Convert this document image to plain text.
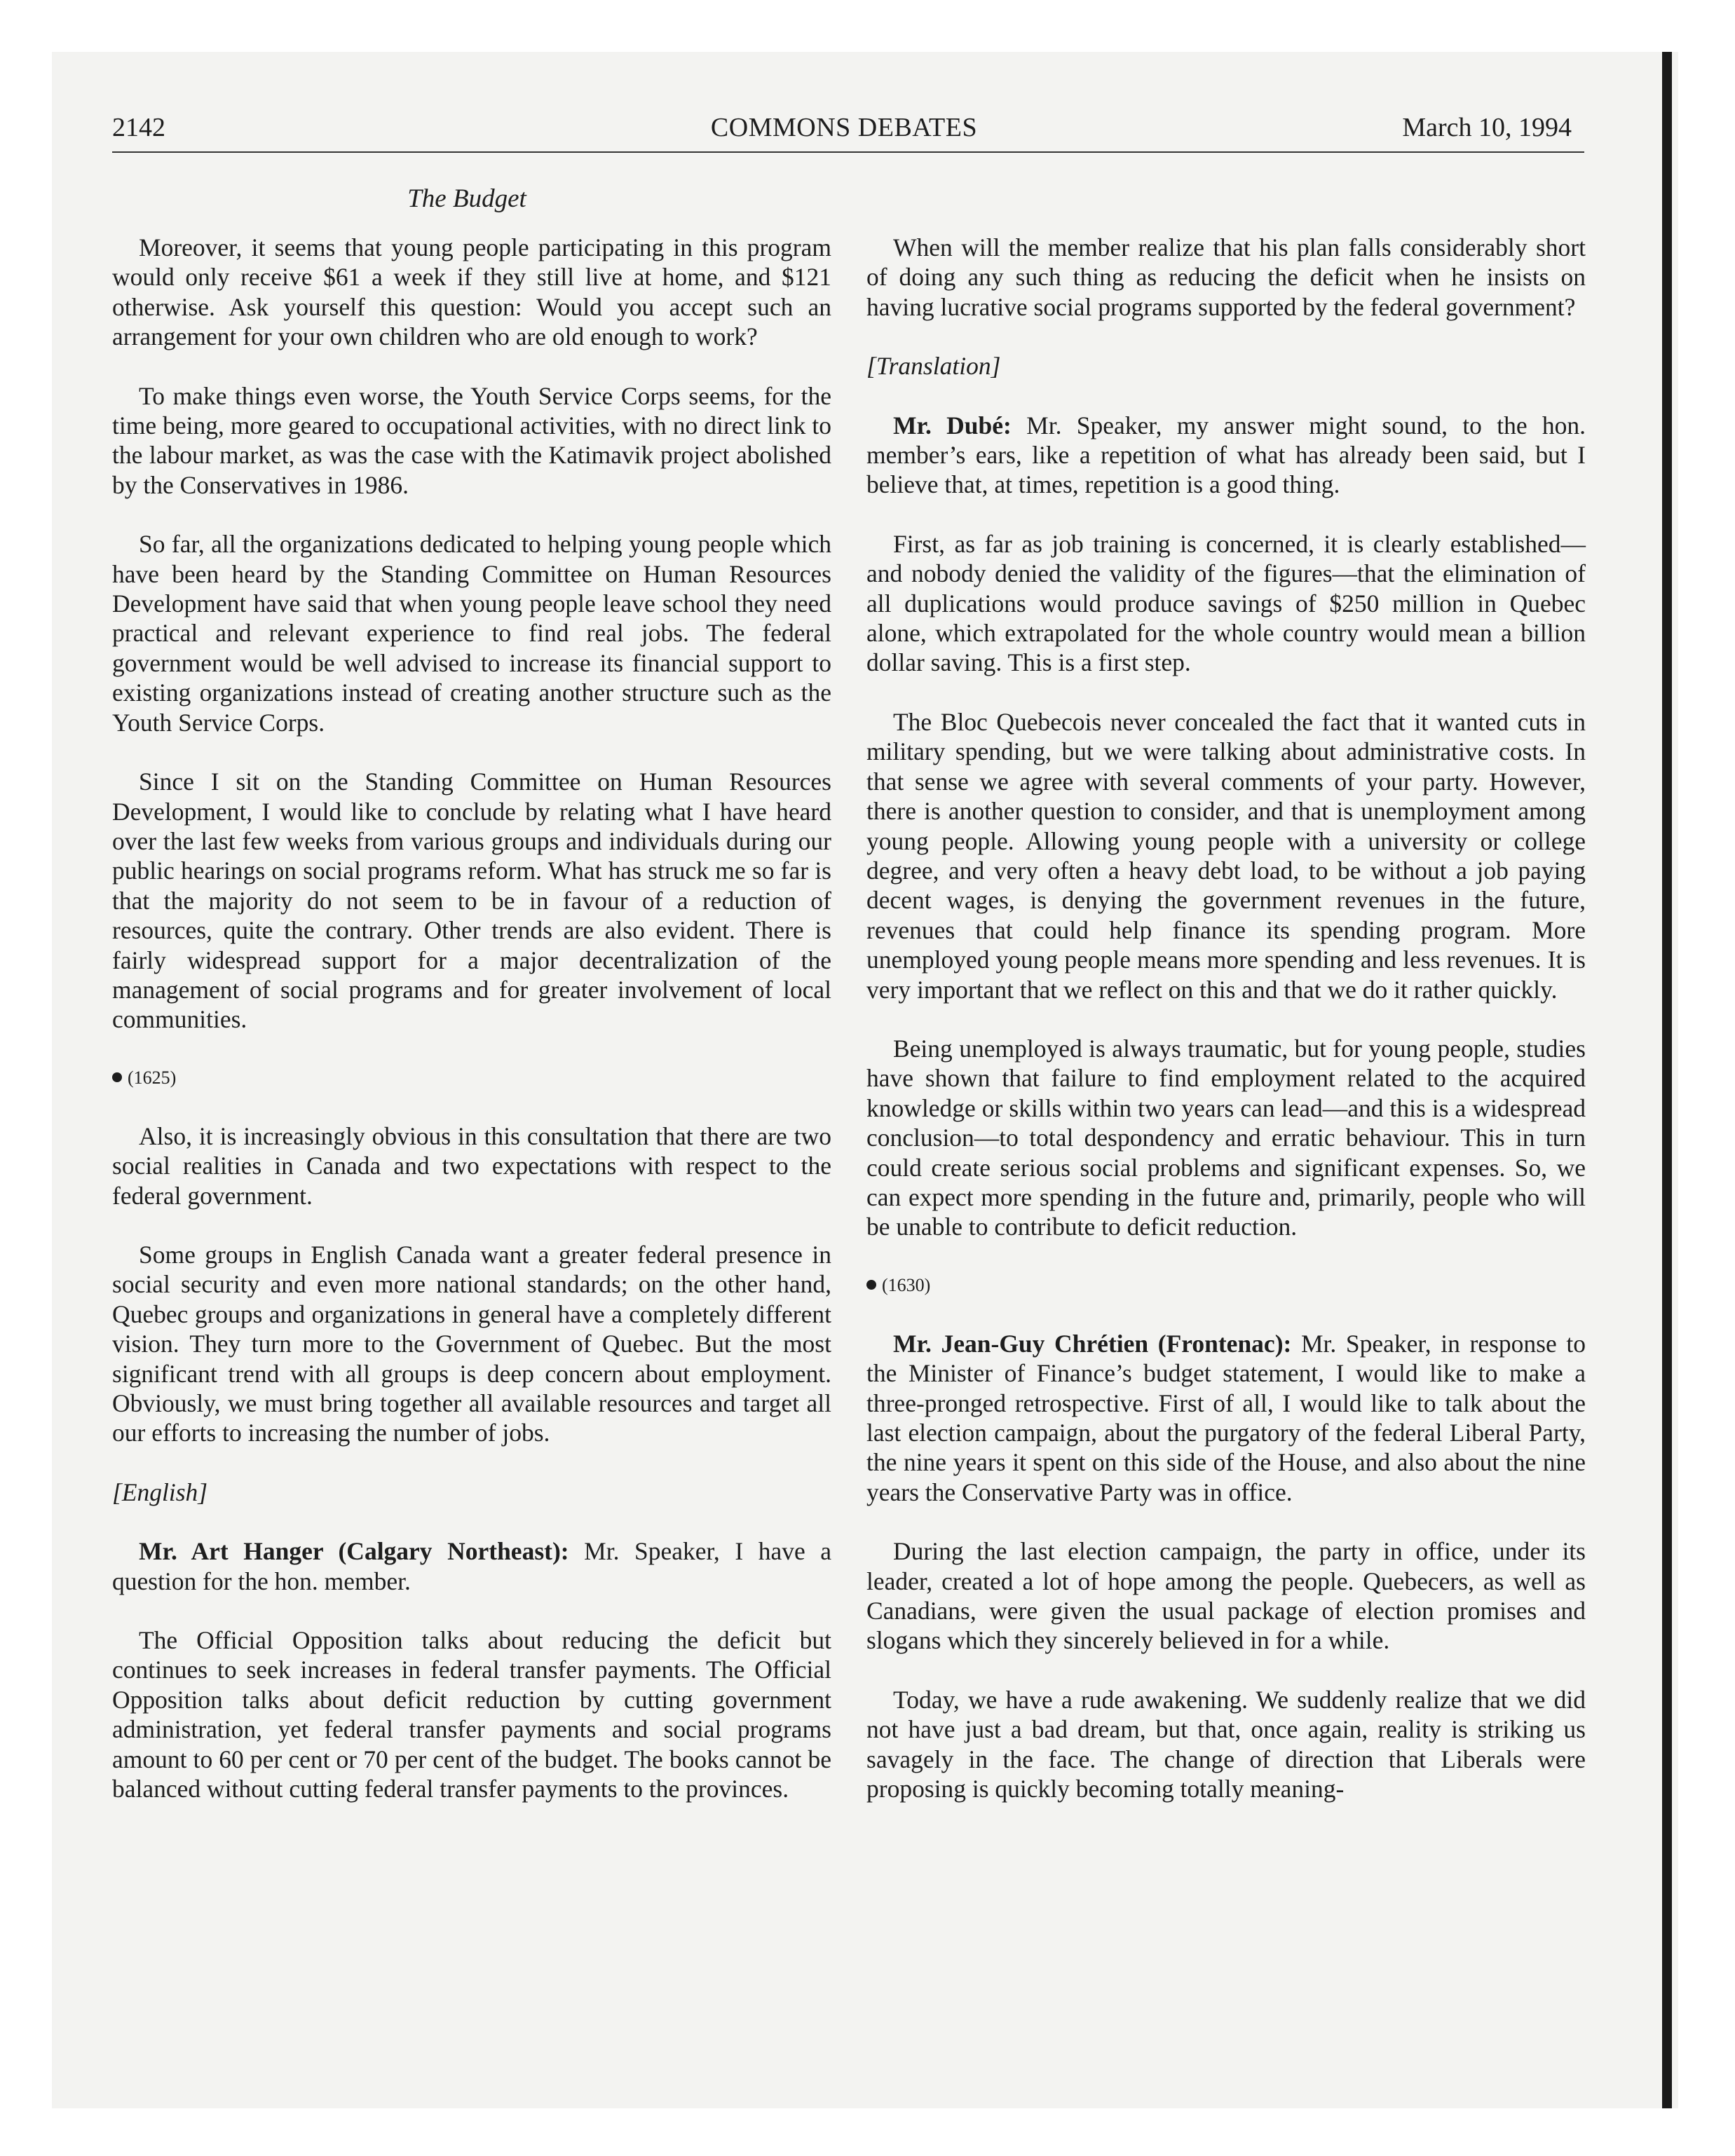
2142	COMMONS DEBATES	March 10, 1994
The Budget

Moreover, it seems that young people participating in this program would only receive $61 a week if they still live at home, and $121 otherwise. Ask yourself this question: Would you accept such an arrangement for your own children who are old enough to work?

To make things even worse, the Youth Service Corps seems, for the time being, more geared to occupational activities, with no direct link to the labour market, as was the case with the Katimavik project abolished by the Conservatives in 1986.

So far, all the organizations dedicated to helping young people which have been heard by the Standing Committee on Human Resources Development have said that when young people leave school they need practical and relevant experience to find real jobs. The federal government would be well advised to increase its financial support to existing organizations instead of creating another structure such as the Youth Service Corps.

Since I sit on the Standing Committee on Human Resources Development, I would like to conclude by relating what I have heard over the last few weeks from various groups and individuals during our public hearings on social programs reform. What has struck me so far is that the majority do not seem to be in favour of a reduction of resources, quite the contrary. Other trends are also evident. There is fairly widespread support for a major decentralization of the management of social programs and for greater involvement of local communities.

(1625)

Also, it is increasingly obvious in this consultation that there are two social realities in Canada and two expectations with respect to the federal government.

Some groups in English Canada want a greater federal presence in social security and even more national standards; on the other hand, Quebec groups and organizations in general have a completely different vision. They turn more to the Government of Quebec. But the most significant trend with all groups is deep concern about employment. Obviously, we must bring together all available resources and target all our efforts to increasing the number of jobs.

[English]

Mr. Art Hanger (Calgary Northeast): Mr. Speaker, I have a question for the hon. member.

The Official Opposition talks about reducing the deficit but continues to seek increases in federal transfer payments. The Official Opposition talks about deficit reduction by cutting government administration, yet federal transfer payments and social programs amount to 60 per cent or 70 per cent of the budget. The books cannot be balanced without cutting federal transfer payments to the provinces.

When will the member realize that his plan falls considerably short of doing any such thing as reducing the deficit when he insists on having lucrative social programs supported by the federal government?

[Translation]

Mr. Dubé: Mr. Speaker, my answer might sound, to the hon. member’s ears, like a repetition of what has already been said, but I believe that, at times, repetition is a good thing.

First, as far as job training is concerned, it is clearly established—and nobody denied the validity of the figures—that the elimination of all duplications would produce savings of $250 million in Quebec alone, which extrapolated for the whole country would mean a billion dollar saving. This is a first step.

The Bloc Quebecois never concealed the fact that it wanted cuts in military spending, but we were talking about administrative costs. In that sense we agree with several comments of your party. However, there is another question to consider, and that is unemployment among young people. Allowing young people with a university or college degree, and very often a heavy debt load, to be without a job paying decent wages, is denying the government revenues in the future, revenues that could help finance its spending program. More unemployed young people means more spending and less revenues. It is very important that we reflect on this and that we do it rather quickly.

Being unemployed is always traumatic, but for young people, studies have shown that failure to find employment related to the acquired knowledge or skills within two years can lead—and this is a widespread conclusion—to total despondency and erratic behaviour. This in turn could create serious social problems and significant expenses. So, we can expect more spending in the future and, primarily, people who will be unable to contribute to deficit reduction.

(1630)

Mr. Jean-Guy Chrétien (Frontenac): Mr. Speaker, in response to the Minister of Finance’s budget statement, I would like to make a three-pronged retrospective. First of all, I would like to talk about the last election campaign, about the purgatory of the federal Liberal Party, the nine years it spent on this side of the House, and also about the nine years the Conservative Party was in office.

During the last election campaign, the party in office, under its leader, created a lot of hope among the people. Quebecers, as well as Canadians, were given the usual package of election promises and slogans which they sincerely believed in for a while.

Today, we have a rude awakening. We suddenly realize that we did not have just a bad dream, but that, once again, reality is striking us savagely in the face. The change of direction that Liberals were proposing is quickly becoming totally meaning-
